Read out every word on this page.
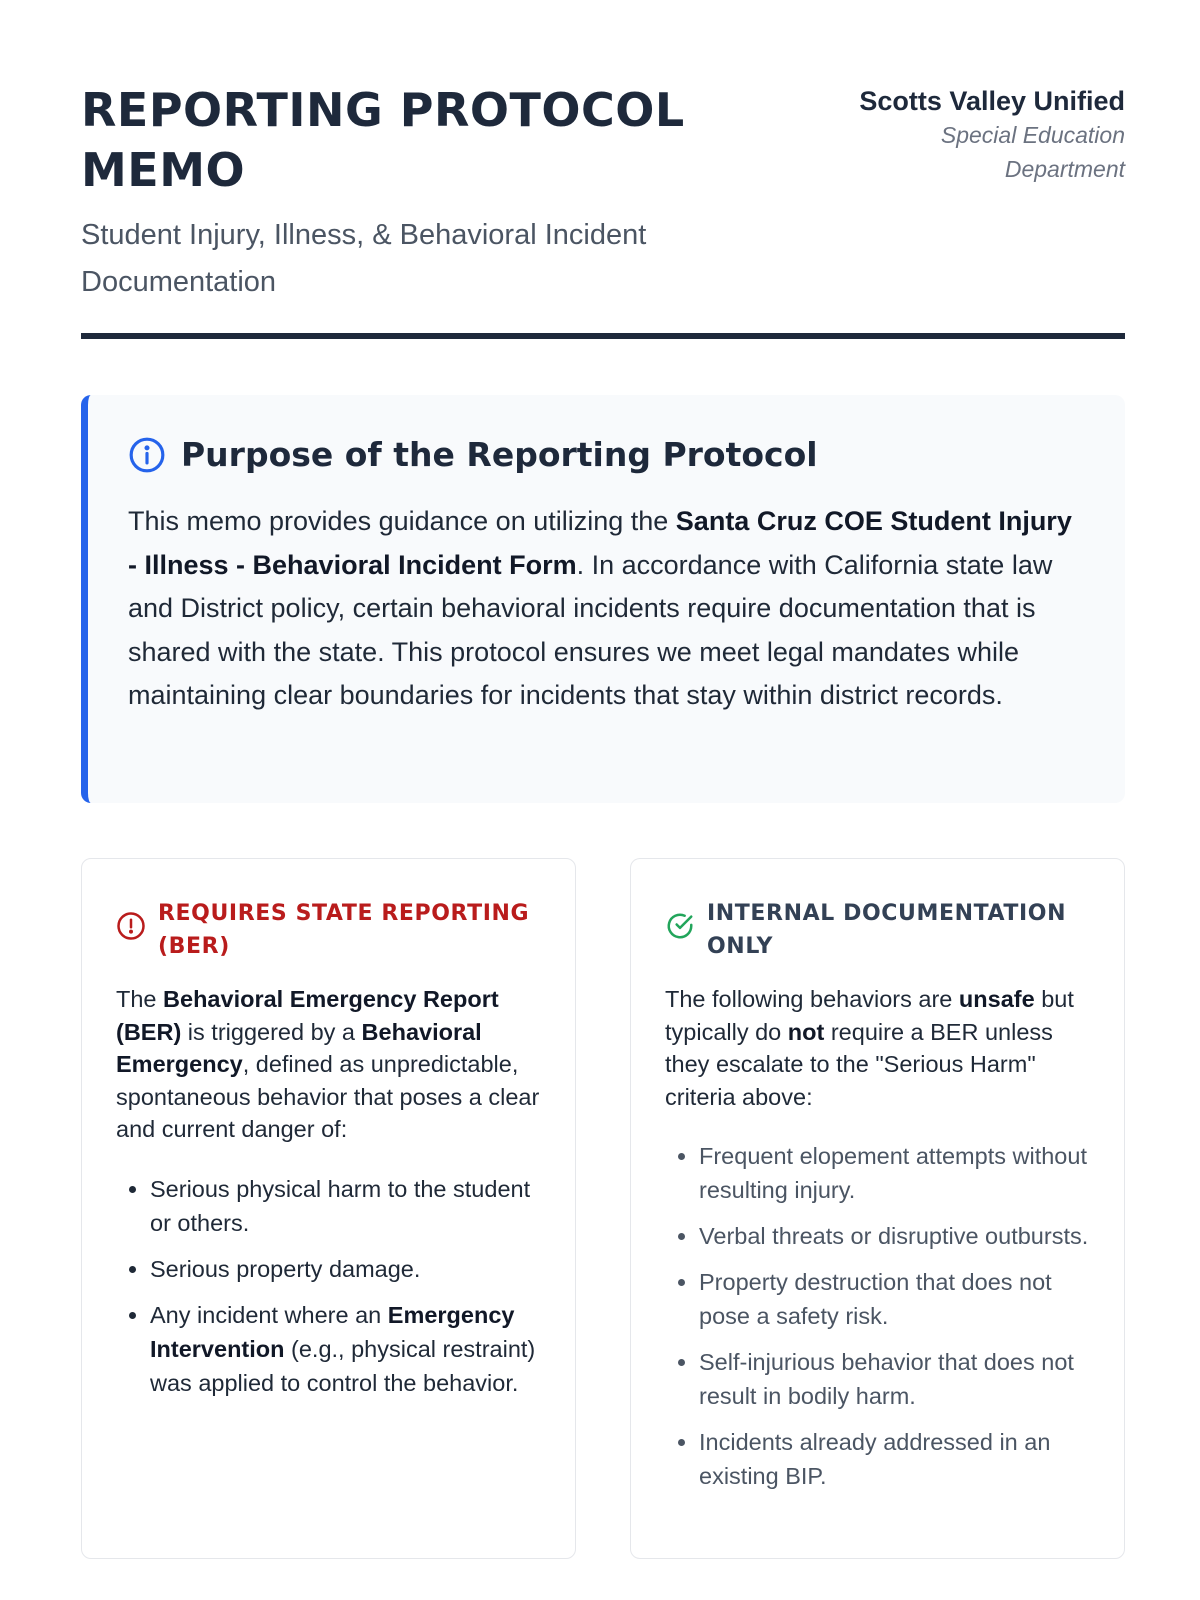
REPORTING PROTOCOL MEMO

Student Injury, Illness, & Behavioral Incident Documentation

Scotts Valley Unified
Special Education Department
Purpose of the Reporting Protocol

This memo provides guidance on utilizing the Santa Cruz COE Student Injury - Illness - Behavioral Incident Form. In accordance with California state law and District policy, certain behavioral incidents require documentation that is shared with the state. This protocol ensures we meet legal mandates while maintaining clear boundaries for incidents that stay within district records.

REQUIRES STATE REPORTING (BER)

The Behavioral Emergency Report (BER) is triggered by a Behavioral Emergency, defined as unpredictable, spontaneous behavior that poses a clear and current danger of:

• Serious physical harm to the student or others.
• Serious property damage.
• Any incident where an Emergency Intervention (e.g., physical restraint) was applied to control the behavior.
INTERNAL DOCUMENTATION ONLY

The following behaviors are unsafe but typically do not require a BER unless they escalate to the "Serious Harm" criteria above:

• Frequent elopement attempts without resulting injury.
• Verbal threats or disruptive outbursts.
• Property destruction that does not pose a safety risk.
• Self-injurious behavior that does not result in bodily harm.
• Incidents already addressed in an existing BIP.
